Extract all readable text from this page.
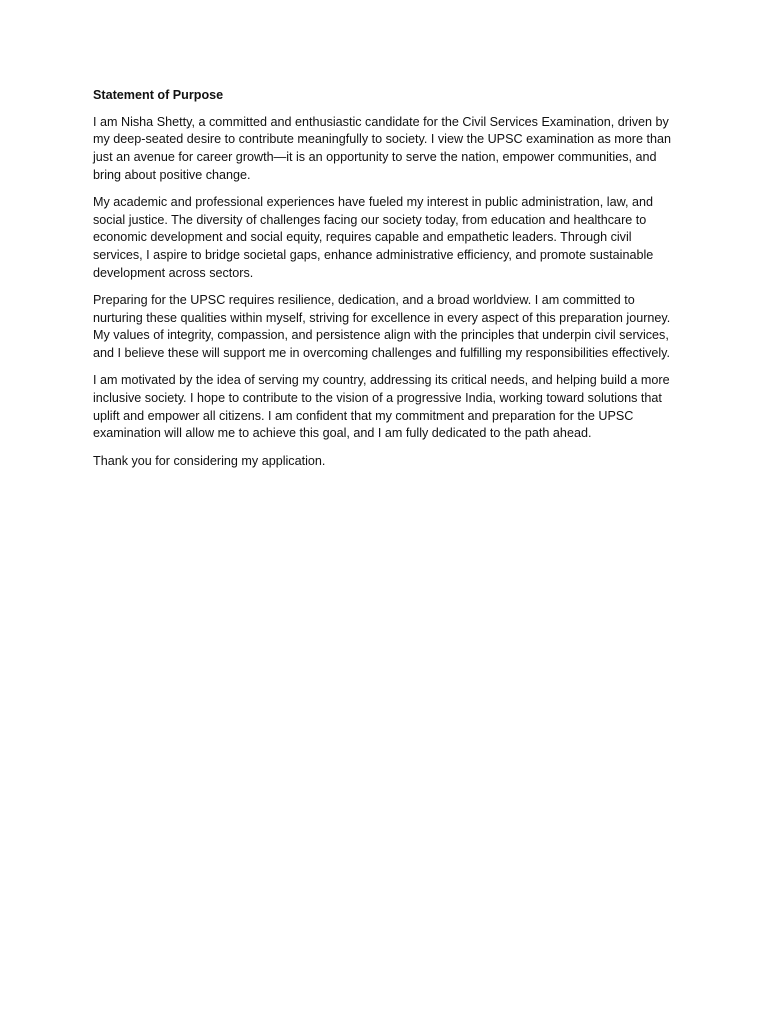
Statement of Purpose

I am Nisha Shetty, a committed and enthusiastic candidate for the Civil Services Examination, driven by my deep-seated desire to contribute meaningfully to society. I view the UPSC examination as more than just an avenue for career growth—it is an opportunity to serve the nation, empower communities, and bring about positive change.

My academic and professional experiences have fueled my interest in public administration, law, and social justice. The diversity of challenges facing our society today, from education and healthcare to economic development and social equity, requires capable and empathetic leaders. Through civil services, I aspire to bridge societal gaps, enhance administrative efficiency, and promote sustainable development across sectors.

Preparing for the UPSC requires resilience, dedication, and a broad worldview. I am committed to nurturing these qualities within myself, striving for excellence in every aspect of this preparation journey. My values of integrity, compassion, and persistence align with the principles that underpin civil services, and I believe these will support me in overcoming challenges and fulfilling my responsibilities effectively.

I am motivated by the idea of serving my country, addressing its critical needs, and helping build a more inclusive society. I hope to contribute to the vision of a progressive India, working toward solutions that uplift and empower all citizens. I am confident that my commitment and preparation for the UPSC examination will allow me to achieve this goal, and I am fully dedicated to the path ahead.

Thank you for considering my application.
